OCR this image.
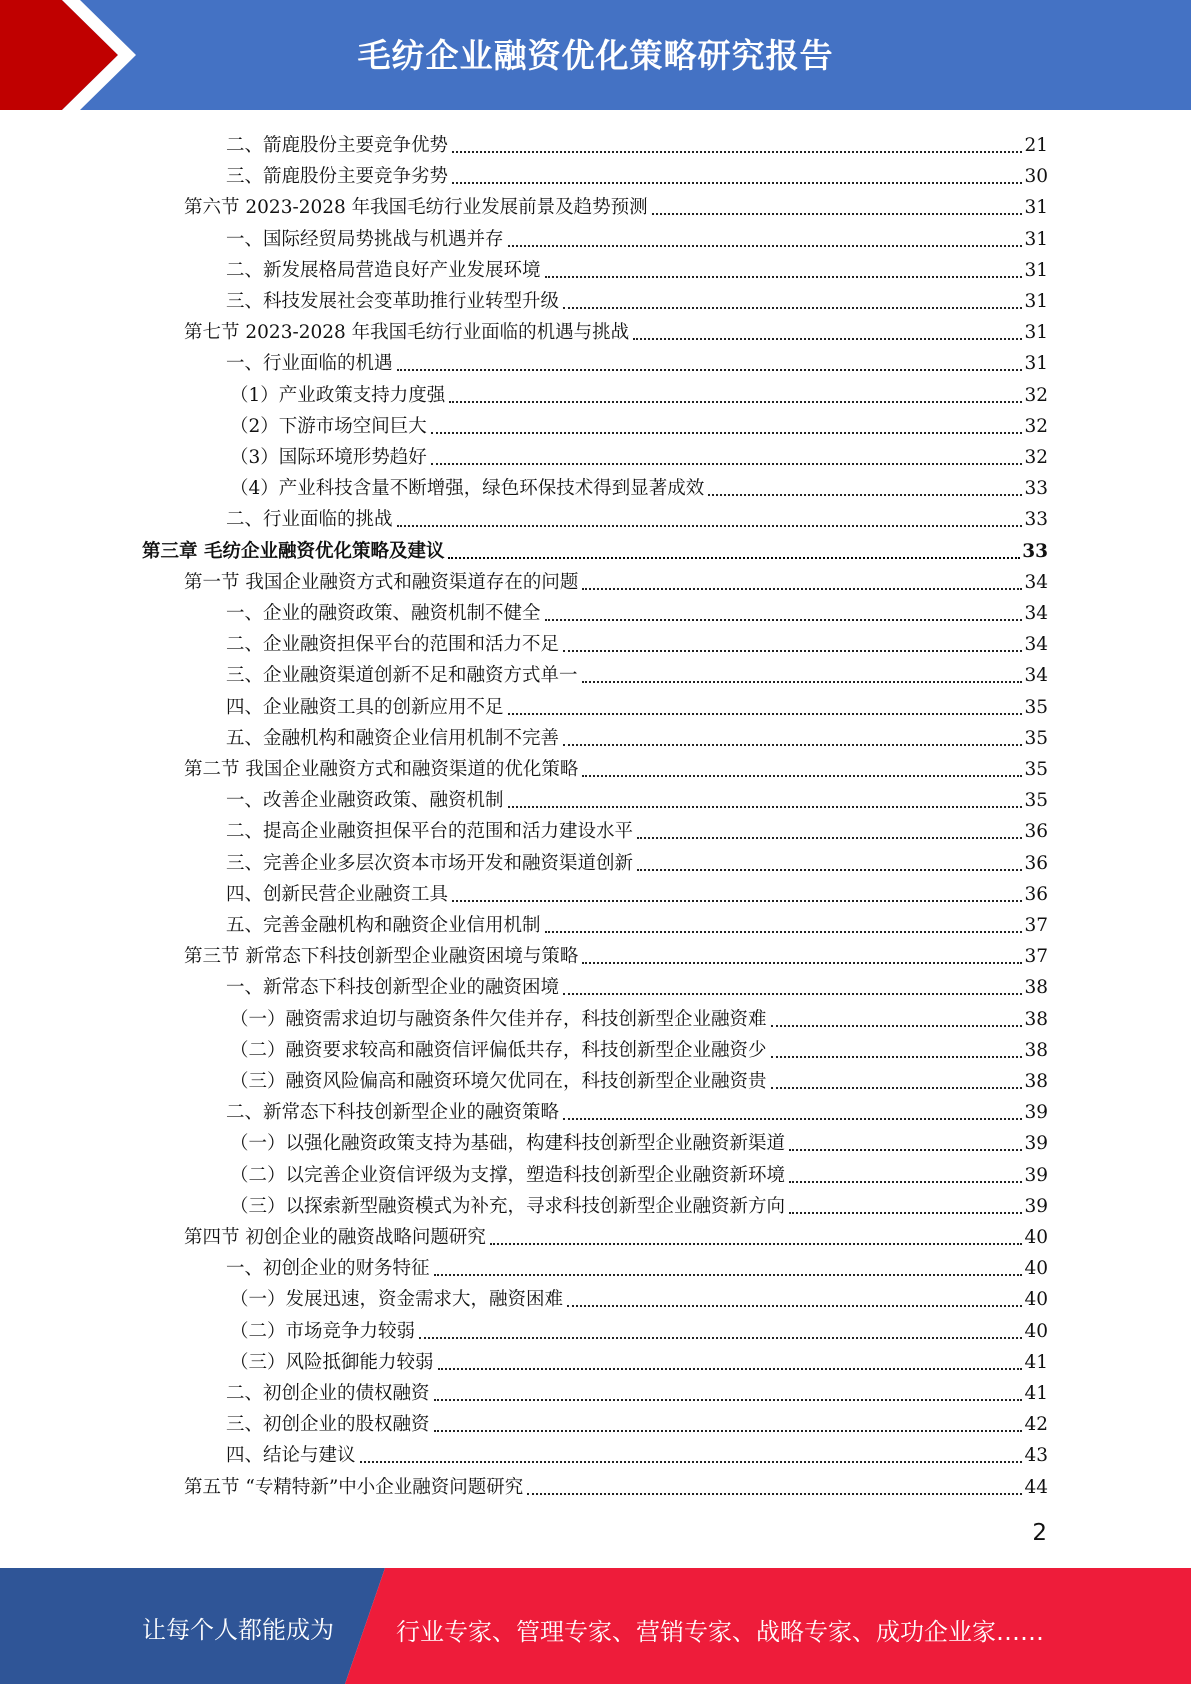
毛纺企业融资优化策略研究报告
二、箭鹿股份主要竞争优势	21
三、箭鹿股份主要竞争劣势	30
第六节 2023-2028 年我国毛纺行业发展前景及趋势预测	31
一、国际经贸局势挑战与机遇并存	31
二、新发展格局营造良好产业发展环境	31
三、科技发展社会变革助推行业转型升级	31
第七节 2023-2028 年我国毛纺行业面临的机遇与挑战	31
一、行业面临的机遇	31
（1）产业政策支持力度强	32
（2）下游市场空间巨大	32
（3）国际环境形势趋好	32
（4）产业科技含量不断增强，绿色环保技术得到显著成效	33
二、行业面临的挑战	33
第三章 毛纺企业融资优化策略及建议	33
第一节 我国企业融资方式和融资渠道存在的问题	34
一、企业的融资政策、融资机制不健全	34
二、企业融资担保平台的范围和活力不足	34
三、企业融资渠道创新不足和融资方式单一	34
四、企业融资工具的创新应用不足	35
五、金融机构和融资企业信用机制不完善	35
第二节 我国企业融资方式和融资渠道的优化策略	35
一、改善企业融资政策、融资机制	35
二、提高企业融资担保平台的范围和活力建设水平	36
三、完善企业多层次资本市场开发和融资渠道创新	36
四、创新民营企业融资工具	36
五、完善金融机构和融资企业信用机制	37
第三节 新常态下科技创新型企业融资困境与策略	37
一、新常态下科技创新型企业的融资困境	38
（一）融资需求迫切与融资条件欠佳并存，科技创新型企业融资难	38
（二）融资要求较高和融资信评偏低共存，科技创新型企业融资少	38
（三）融资风险偏高和融资环境欠优同在，科技创新型企业融资贵	38
二、新常态下科技创新型企业的融资策略	39
（一）以强化融资政策支持为基础，构建科技创新型企业融资新渠道	39
（二）以完善企业资信评级为支撑，塑造科技创新型企业融资新环境	39
（三）以探索新型融资模式为补充，寻求科技创新型企业融资新方向	39
第四节 初创企业的融资战略问题研究	40
一、初创企业的财务特征	40
（一）发展迅速，资金需求大，融资困难	40
（二）市场竞争力较弱	40
（三）风险抵御能力较弱	41
二、初创企业的债权融资	41
三、初创企业的股权融资	42
四、结论与建议	43
第五节 “专精特新”中小企业融资问题研究	44
2
让每个人都能成为	行业专家、管理专家、营销专家、战略专家、成功企业家……
